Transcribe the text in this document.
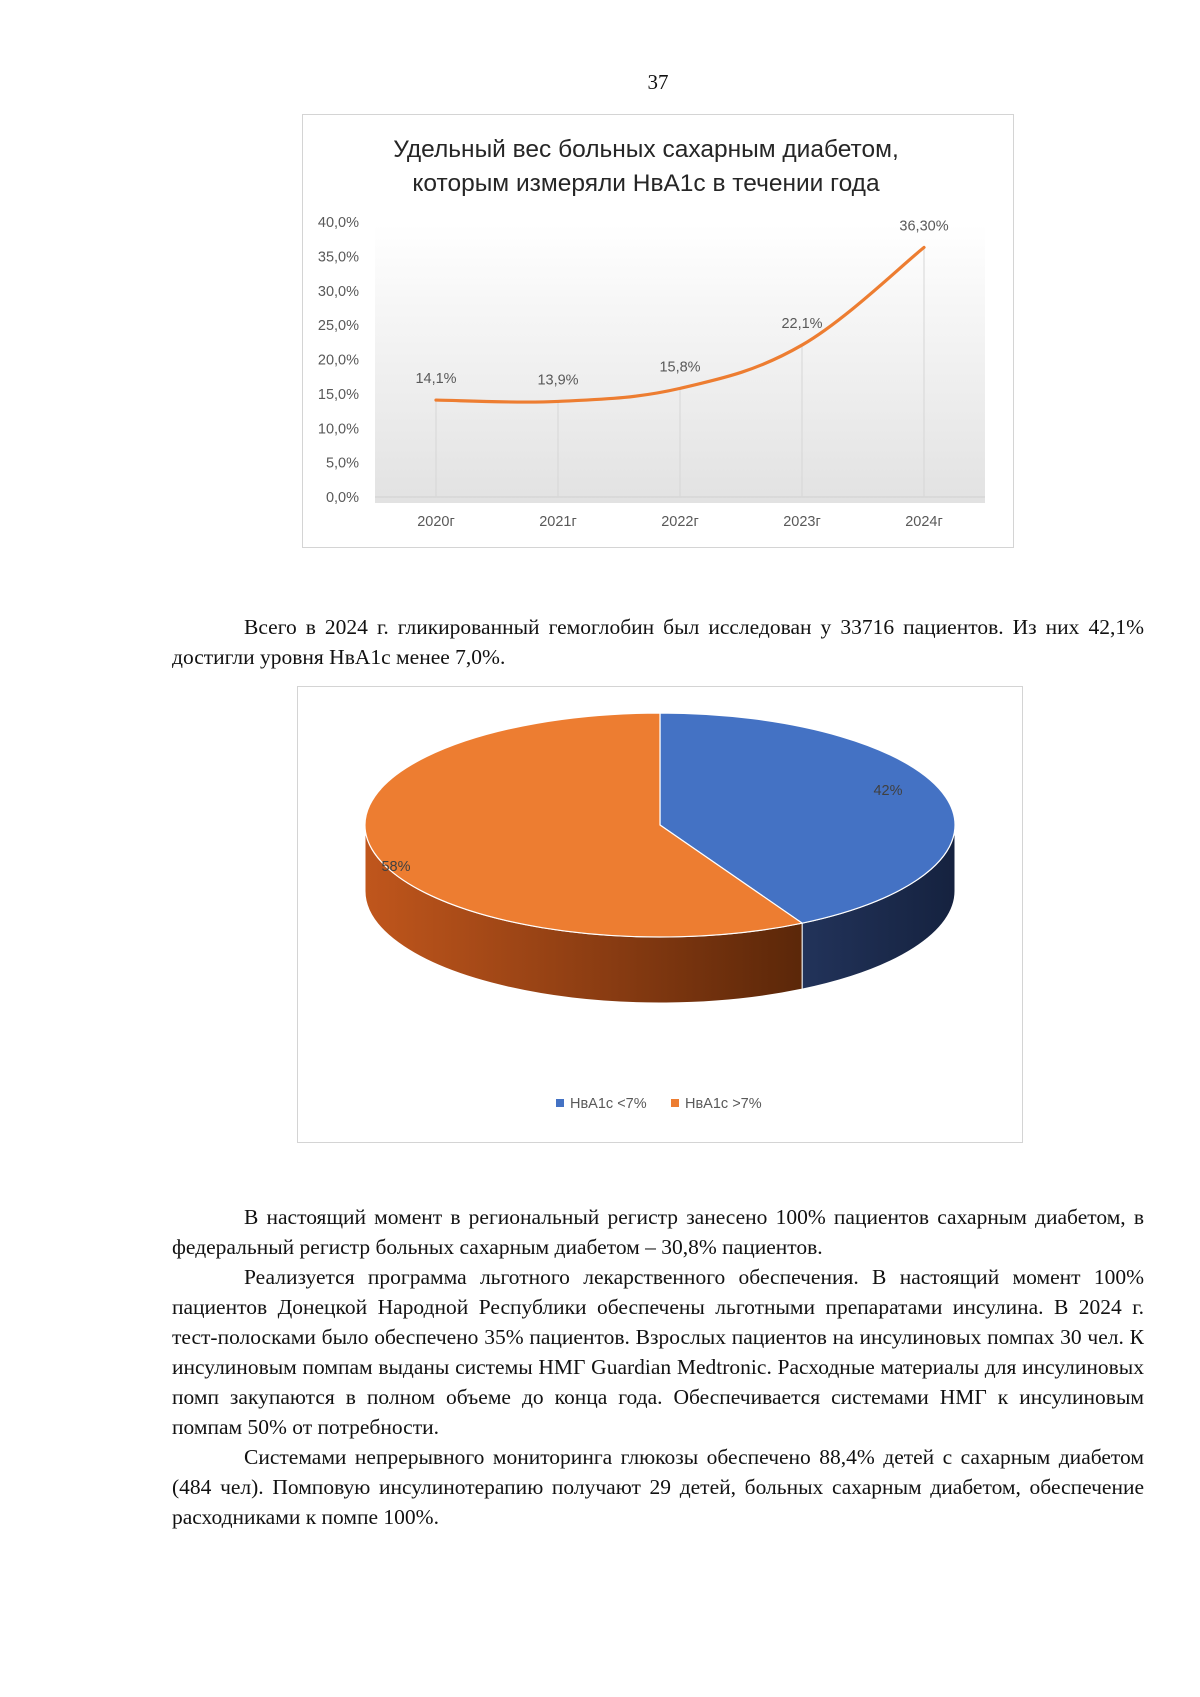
37
Удельный вес больных сахарным диабетом,
которым измеряли НвА1с в течении года
0,0%
5,0%
10,0%
15,0%
20,0%
25,0%
30,0%
35,0%
40,0%
2020г	2021г	2022г	2023г	2024г
14,1%	13,9%
15,8%
22,1%
36,30%

Всего в 2024 г. гликированный гемоглобин был исследован у 33716 пациентов. Из них 42,1% достигли уровня НвА1с менее 7,0%.

42%
58%
НвА1с <7%	НвА1с >7%

В настоящий момент в региональный регистр занесено 100% пациентов сахарным диабетом, в федеральный регистр больных сахарным диабетом – 30,8% пациентов.

Реализуется программа льготного лекарственного обеспечения. В настоящий момент 100% пациентов Донецкой Народной Республики обеспечены льготными препаратами инсулина. В 2024 г. тест-полосками было обеспечено 35% пациентов. Взрослых пациентов на инсулиновых помпах 30 чел. К инсулиновым помпам выданы системы НМГ Guardian Medtronic. Расходные материалы для инсулиновых помп закупаются в полном объеме до конца года. Обеспечивается системами НМГ к инсулиновым помпам 50% от потребности.

Системами непрерывного мониторинга глюкозы обеспечено 88,4% детей с сахарным диабетом (484 чел). Помповую инсулинотерапию получают 29 детей, больных сахарным диабетом, обеспечение расходниками к помпе 100%.
